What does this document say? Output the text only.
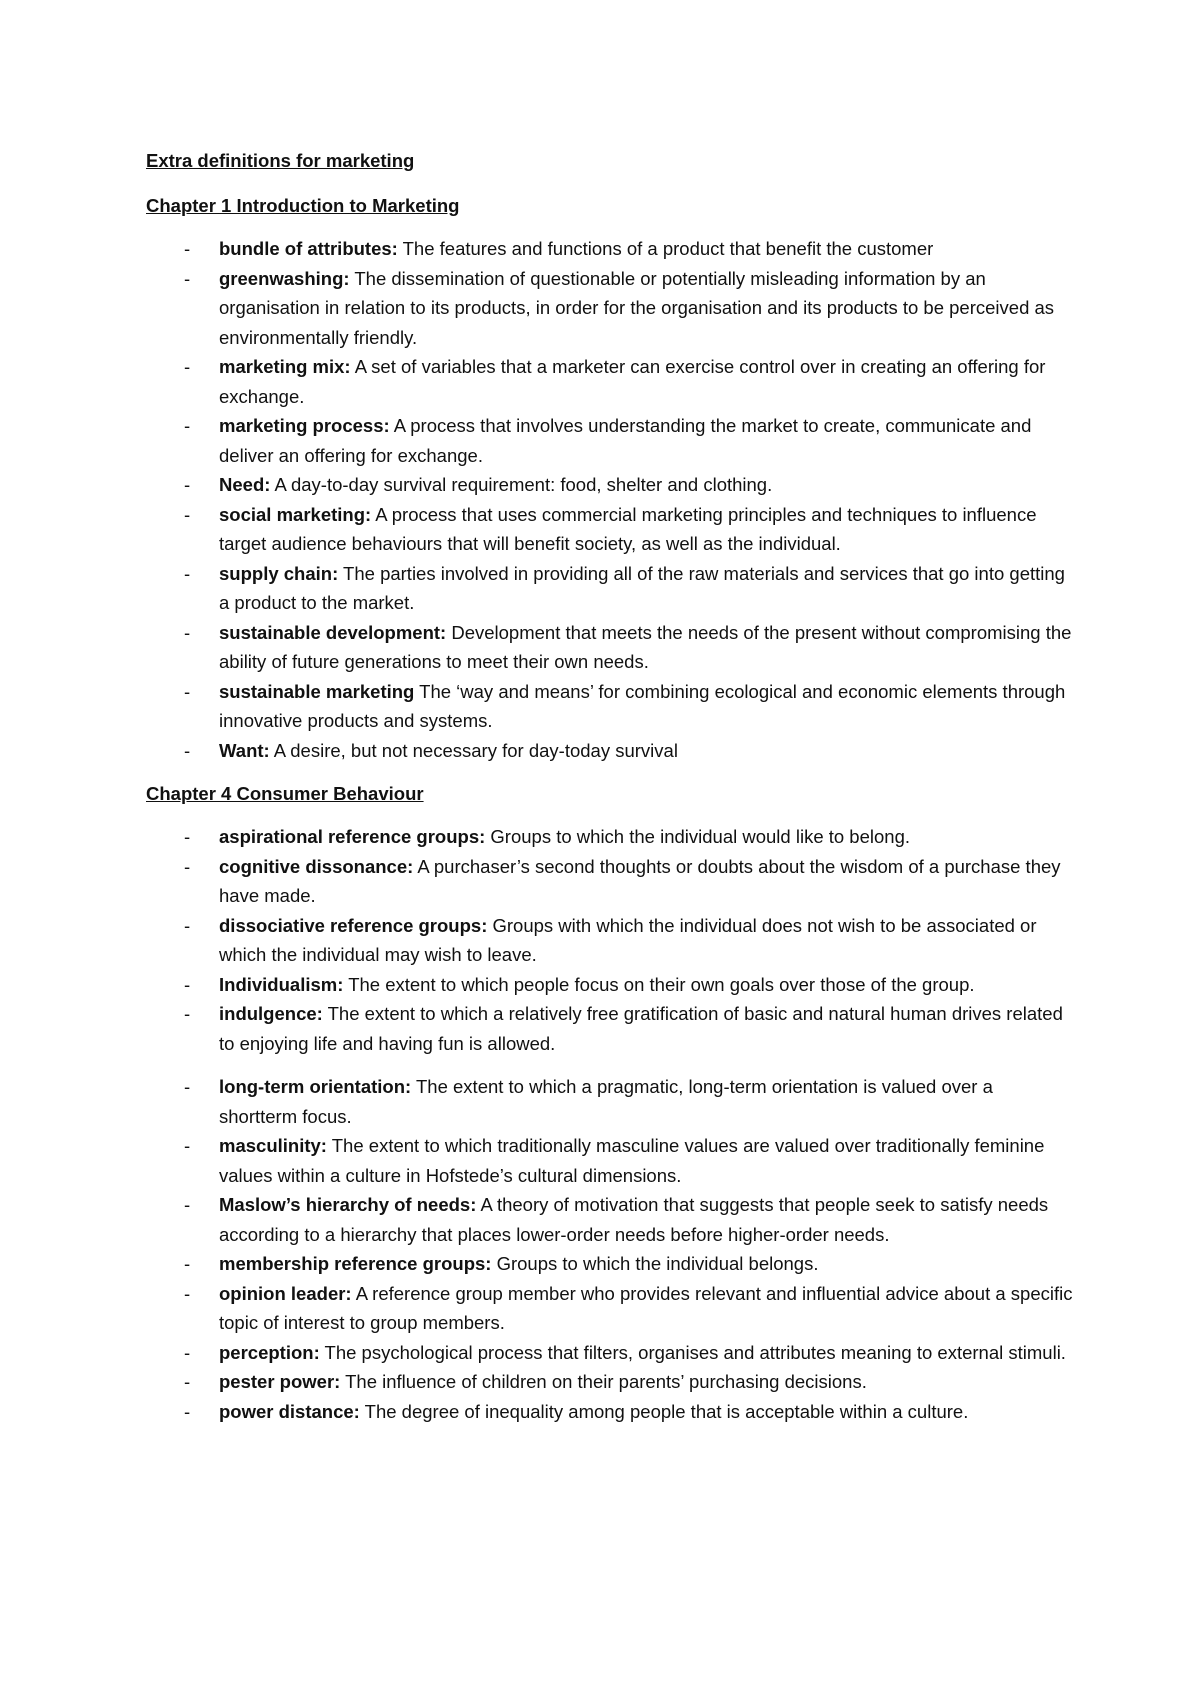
Extra definitions for marketing
Chapter 1 Introduction to Marketing
- bundle of attributes: The features and functions of a product that benefit the customer
- greenwashing: The dissemination of questionable or potentially misleading information by an organisation in relation to its products, in order for the organisation and its products to be perceived as environmentally friendly.
- marketing mix: A set of variables that a marketer can exercise control over in creating an offering for exchange.
- marketing process: A process that involves understanding the market to create, communicate and deliver an offering for exchange.
- Need: A day-to-day survival requirement: food, shelter and clothing.
- social marketing: A process that uses commercial marketing principles and techniques to influence target audience behaviours that will benefit society, as well as the individual.
- supply chain: The parties involved in providing all of the raw materials and services that go into getting a product to the market.
- sustainable development: Development that meets the needs of the present without compromising the ability of future generations to meet their own needs.
- sustainable marketing The ‘way and means’ for combining ecological and economic elements through innovative products and systems.
- Want: A desire, but not necessary for day-today survival
Chapter 4 Consumer Behaviour
- aspirational reference groups: Groups to which the individual would like to belong.
- cognitive dissonance: A purchaser’s second thoughts or doubts about the wisdom of a purchase they have made.
- dissociative reference groups: Groups with which the individual does not wish to be associated or which the individual may wish to leave.
- Individualism: The extent to which people focus on their own goals over those of the group.
- indulgence: The extent to which a relatively free gratification of basic and natural human drives related to enjoying life and having fun is allowed.
- long-term orientation: The extent to which a pragmatic, long-term orientation is valued over a shortterm focus.
- masculinity: The extent to which traditionally masculine values are valued over traditionally feminine values within a culture in Hofstede’s cultural dimensions.
- Maslow’s hierarchy of needs: A theory of motivation that suggests that people seek to satisfy needs according to a hierarchy that places lower-order needs before higher-order needs.
- membership reference groups: Groups to which the individual belongs.
- opinion leader: A reference group member who provides relevant and influential advice about a specific topic of interest to group members.
- perception: The psychological process that filters, organises and attributes meaning to external stimuli.
- pester power: The influence of children on their parents’ purchasing decisions.
- power distance: The degree of inequality among people that is acceptable within a culture.
